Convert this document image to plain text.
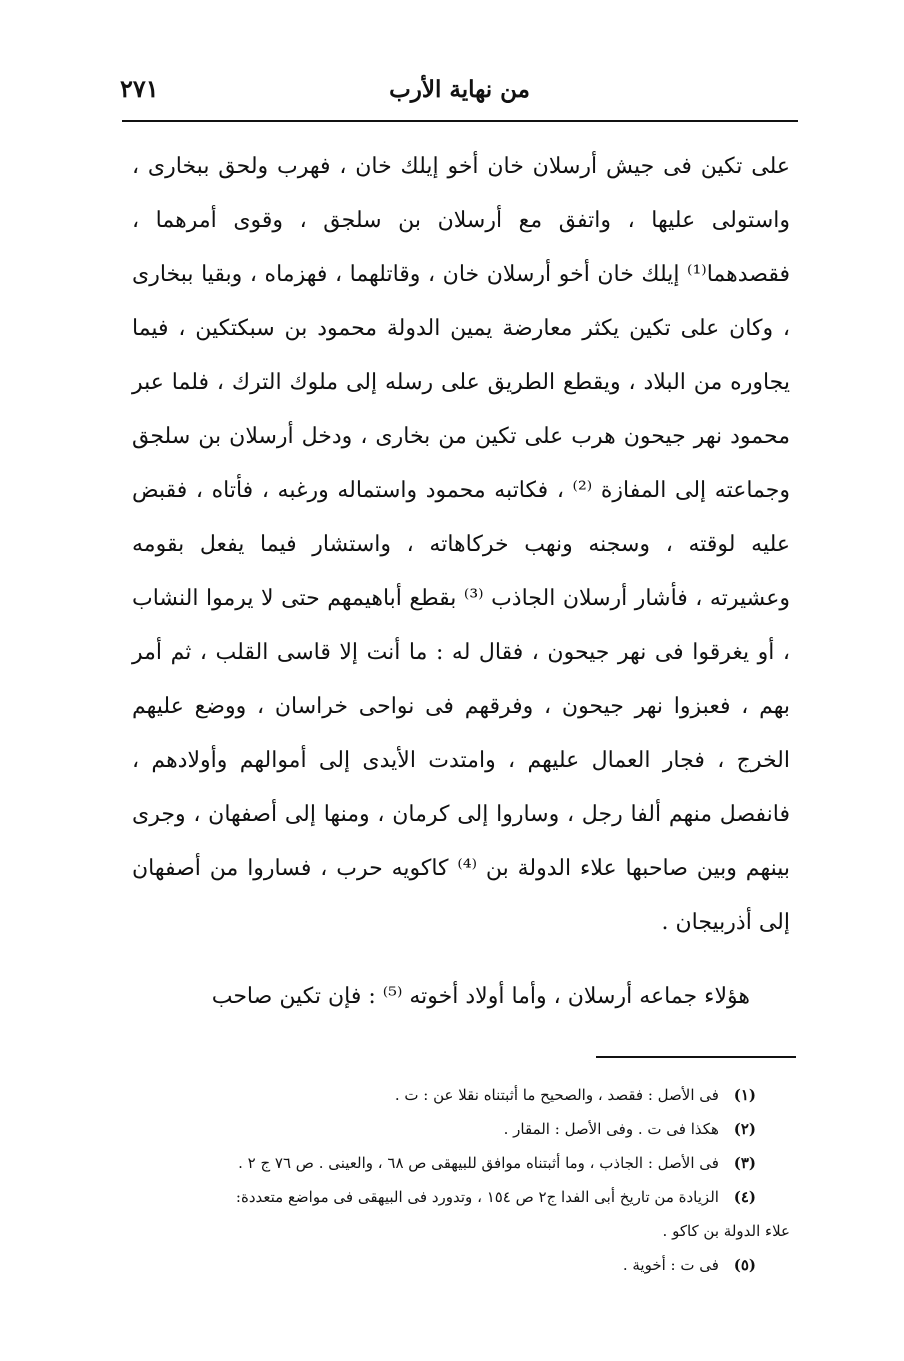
من نهاية الأرب
٢٧١

على تكين فى جيش أرسلان خان أخو إيلك خان ، فهرب ولحق ببخارى ، واستولى عليها ، واتفق مع أرسلان بن سلجق ، وقوى أمرهما ، فقصدهما⁽¹⁾ إيلك خان أخو أرسلان خان ، وقاتلهما ، فهزماه ، وبقيا ببخارى ، وكان على تكين يكثر معارضة يمين الدولة محمود بن سبكتكين ، فيما يجاوره من البلاد ، ويقطع الطريق على رسله إلى ملوك الترك ، فلما عبر محمود نهر جيحون هرب على تكين من بخارى ، ودخل أرسلان بن سلجق وجماعته إلى المفازة ⁽²⁾ ، فكاتبه محمود واستماله ورغبه ، فأتاه ، فقبض عليه لوقته ، وسجنه ونهب خركاهاته ، واستشار فيما يفعل بقومه وعشيرته ، فأشار أرسلان الجاذب ⁽³⁾ بقطع أباهيمهم حتى لا يرموا النشاب ، أو يغرقوا فى نهر جيحون ، فقال له : ما أنت إلا قاسى القلب ، ثم أمر بهم ، فعبزوا نهر جيحون ، وفرقهم فى نواحى خراسان ، ووضع عليهم الخرج ، فجار العمال عليهم ، وامتدت الأيدى إلى أموالهم وأولادهم ، فانفصل منهم ألفا رجل ، وساروا إلى كرمان ، ومنها إلى أصفهان ، وجرى بينهم وبين صاحبها علاء الدولة بن ⁽⁴⁾ كاكويه حرب ، فساروا من أصفهان إلى أذربيجان .

هؤلاء جماعه أرسلان ، وأما أولاد أخوته ⁽⁵⁾ : فإن تكين صاحب

(١) فى الأصل : فقصد ، والصحيح ما أثبتناه نقلا عن : ت .

(٢) هكذا فى ت . وفى الأصل : المقار .

(٣) فى الأصل : الجاذب ، وما أثبتناه موافق للبيهقى ص ٦٨ ، والعينى . ص ٧٦ ج ٢ .

(٤) الزيادة من تاريخ أبى الفدا ج٢ ص ١٥٤ ، وتدورد فى البيهقى فى مواضع متعددة:

علاء الدولة بن كاكو .

(٥) فى ت : أخوية .
